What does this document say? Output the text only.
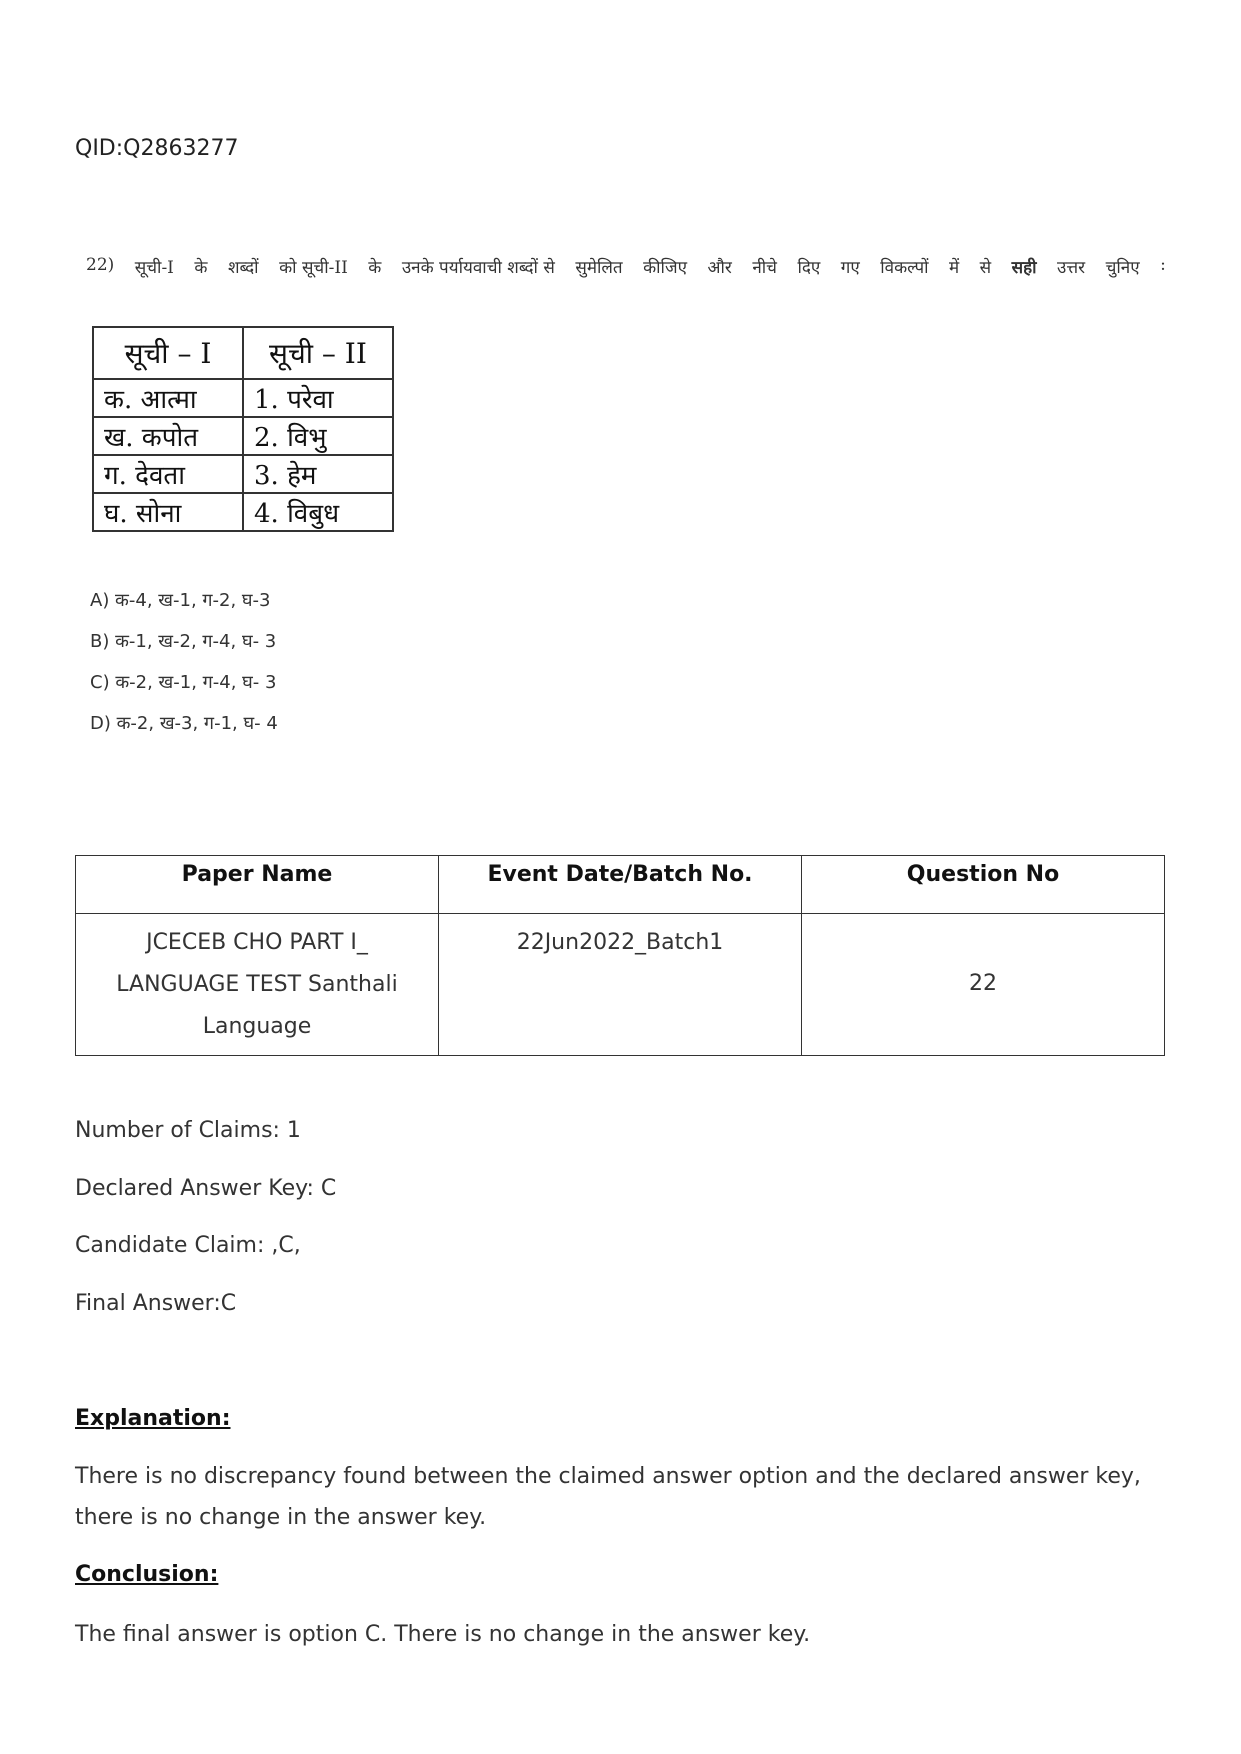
QID:Q2863277
22) सूची-I के शब्दों को सूची-II के उनके पर्यायवाची शब्दों से सुमेलित कीजिए और नीचे दिए गए विकल्पों में से सही उत्तर चुनिए :
सूची – I	सूची – II
क. आत्मा	1. परेवा
ख. कपोत	2. विभु
ग. देवता	3. हेम
घ. सोना	4. विबुध
A) क-4, ख-1, ग-2, घ-3
B) क-1, ख-2, ग-4, घ- 3
C) क-2, ख-1, ग-4, घ- 3
D) क-2, ख-3, ग-1, घ- 4
Paper Name	Event Date/Batch No.	Question No

JCECEB CHO PART I_
LANGUAGE TEST Santhali
Language	22Jun2022_Batch1	22
Number of Claims: 1
Declared Answer Key: C
Candidate Claim: ,C,
Final Answer:C
Explanation:
There is no discrepancy found between the claimed answer option and the declared answer key, there is no change in the answer key.
Conclusion:
The final answer is option C. There is no change in the answer key.
